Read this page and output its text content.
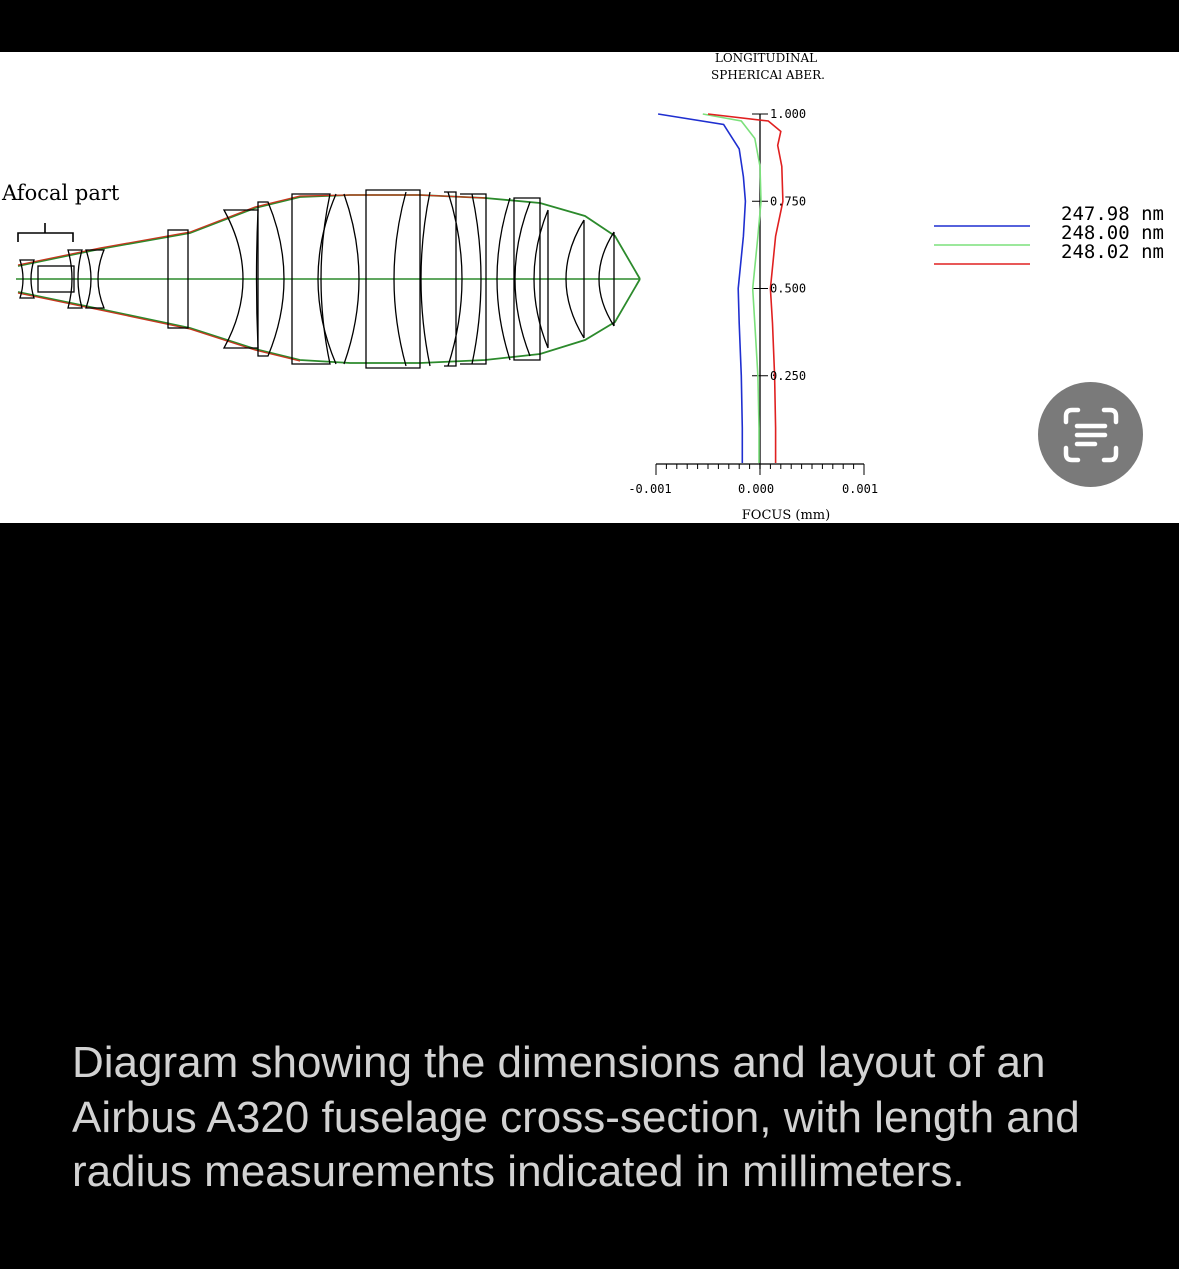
Afocal part
LONGITUDINAL
SPHERICAl ABER.
1.000
0.750
0.500
0.250
-0.001	0.000	0.001
FOCUS (mm)
247.98 nm
248.00 nm
248.02 nm

Diagram showing the dimensions and layout of an Airbus A320 fuselage cross-section, with length and radius measurements indicated in millimeters.
